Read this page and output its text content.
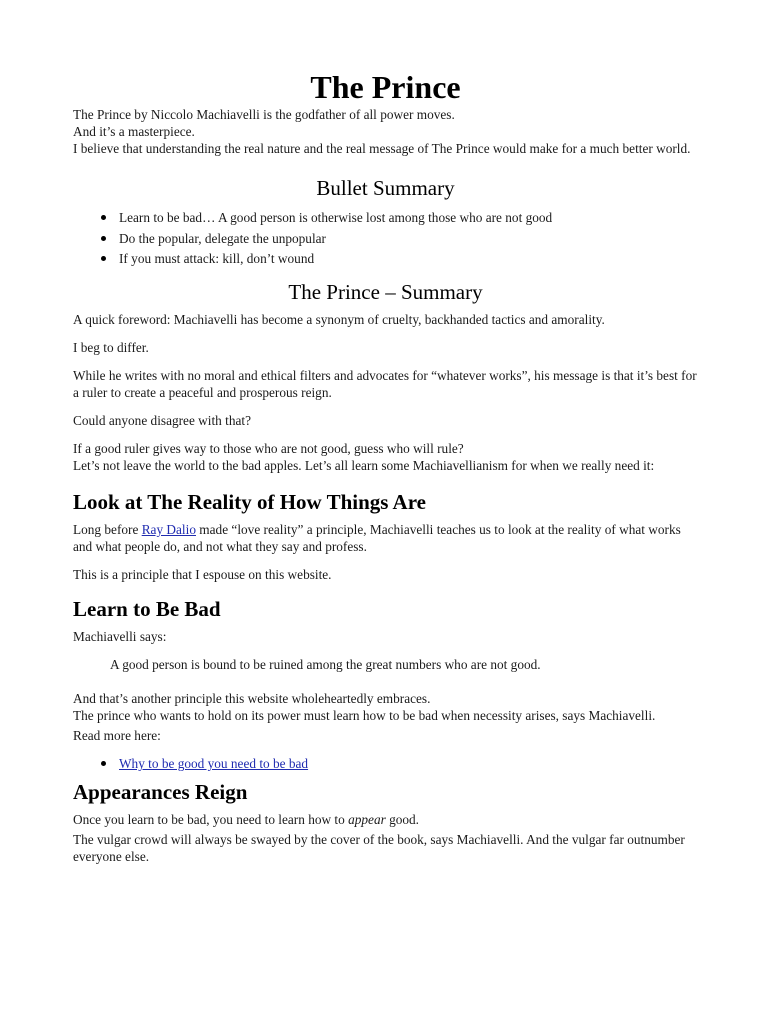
The Prince

The Prince by Niccolo Machiavelli is the godfather of all power moves.

And it’s a masterpiece.

I believe that understanding the real nature and the real message of The Prince would make for a much better world.

Bullet Summary
Learn to be bad… A good person is otherwise lost among those who are not good
Do the popular, delegate the unpopular
If you must attack: kill, don’t wound
The Prince – Summary

A quick foreword: Machiavelli has become a synonym of cruelty, backhanded tactics and amorality.

I beg to differ.

While he writes with no moral and ethical filters and advocates for “whatever works”, his message is that it’s best for a ruler to create a peaceful and prosperous reign.

Could anyone disagree with that?

If a good ruler gives way to those who are not good, guess who will rule?

Let’s not leave the world to the bad apples. Let’s all learn some Machiavellianism for when we really need it:

Look at The Reality of How Things Are

Long before Ray Dalio made “love reality” a principle, Machiavelli teaches us to look at the reality of what works and what people do, and not what they say and profess.

This is a principle that I espouse on this website.

Learn to Be Bad

Machiavelli says:

A good person is bound to be ruined among the great numbers who are not good.

And that’s another principle this website wholeheartedly embraces.

The prince who wants to hold on its power must learn how to be bad when necessity arises, says Machiavelli.

Read more here:

Why to be good you need to be bad
Appearances Reign

Once you learn to be bad, you need to learn how to appear good.

The vulgar crowd will always be swayed by the cover of the book, says Machiavelli. And the vulgar far outnumber everyone else.
